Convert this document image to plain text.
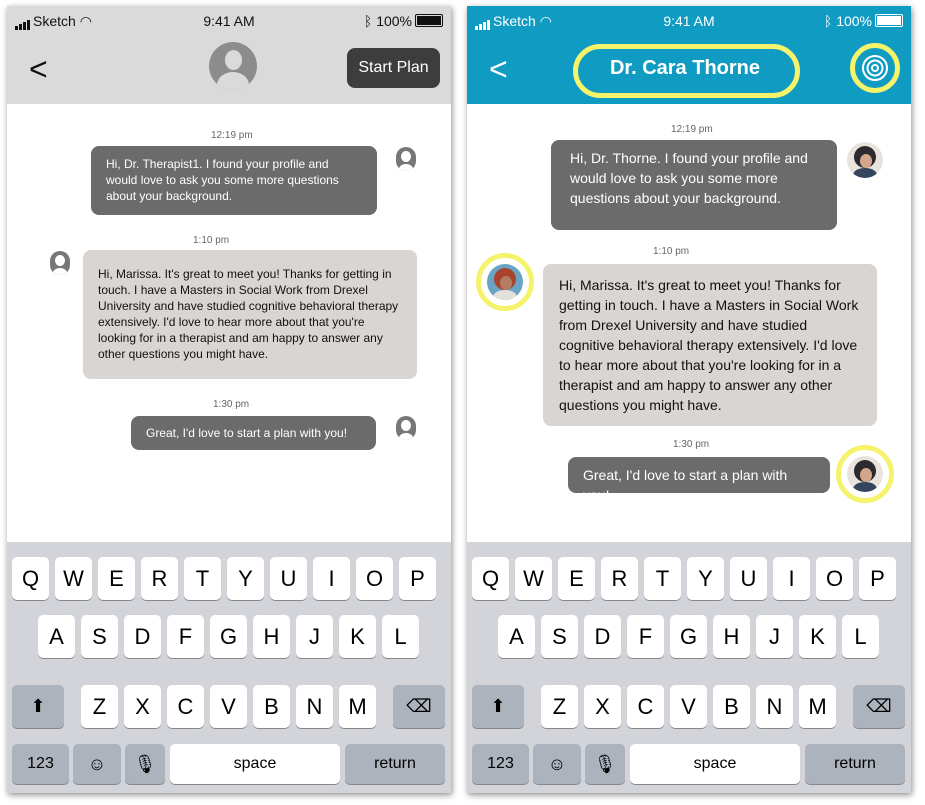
Sketch ◠	9:41 AM	ᛒ 100%
<	Start Plan
12:19 pm
Hi, Dr. Therapist1. I found your profile and would love to ask you some more questions about your background.
1:10 pm
Hi, Marissa. It's great to meet you! Thanks for getting in touch. I have a Masters in Social Work from Drexel University and have studied cognitive behavioral therapy extensively. I'd love to hear more about that you're looking for in a therapist and am happy to answer any other questions you might have.
1:30 pm
Great, I'd love to start a plan with you!
Q	W	E	R	T	Y	U	I	O	P
A	S	D	F	G	H	J	K	L
⬆	Z	X	C	V	B	N	M	⌫
123	☺	🎙	space	return
Sketch ◠	9:41 AM	ᛒ 100%
<	Dr. Cara Thorne
12:19 pm
Hi, Dr. Thorne. I found your profile and would love to ask you some more questions about your background.
1:10 pm
Hi, Marissa. It's great to meet you! Thanks for getting in touch. I have a Masters in Social Work from Drexel University and have studied cognitive behavioral therapy extensively. I'd love to hear more about that you're looking for in a therapist and am happy to answer any other questions you might have.
1:30 pm
Great, I'd love to start a plan with you!
Q	W	E	R	T	Y	U	I	O	P
A	S	D	F	G	H	J	K	L
⬆	Z	X	C	V	B	N	M	⌫
123	☺	🎙	space	return
